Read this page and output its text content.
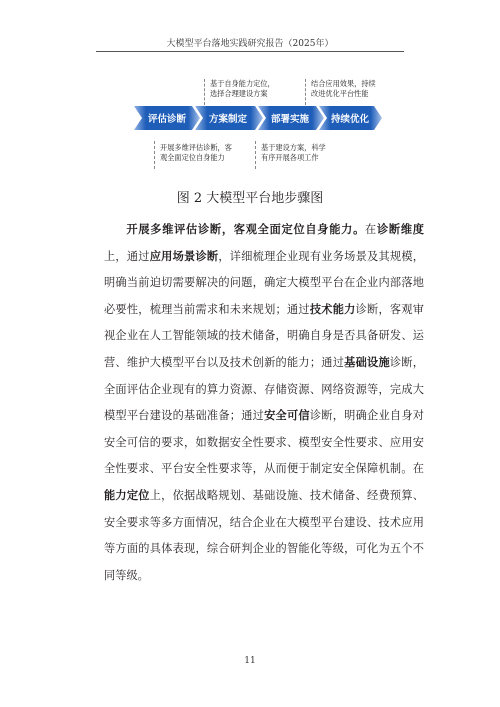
大模型平台落地实践研究报告（2025年）
基于自身能力定位，
选择合理建设方案
结合应用效果，持续
改进优化平台性能
评估诊断 方案制定	部署实施 持续优化
开展多维评估诊断，客
观全面定位自身能力
基于建设方案，科学
有序开展各项工作
图 2 大模型平台地步骤图

开展多维评估诊断，客观全面定位自身能力。在诊断维度上，通过应用场景诊断，详细梳理企业现有业务场景及其规模，明确当前迫切需要解决的问题，确定大模型平台在企业内部落地必要性，梳理当前需求和未来规划；通过技术能力诊断，客观审视企业在人工智能领域的技术储备，明确自身是否具备研发、运营、维护大模型平台以及技术创新的能力；通过基础设施诊断，全面评估企业现有的算力资源、存储资源、网络资源等，完成大模型平台建设的基础准备；通过安全可信诊断，明确企业自身对安全可信的要求，如数据安全性要求、模型安全性要求、应用安全性要求、平台安全性要求等，从而便于制定安全保障机制。在能力定位上，依据战略规划、基础设施、技术储备、经费预算、安全要求等多方面情况，结合企业在大模型平台建设、技术应用等方面的具体表现，综合研判企业的智能化等级，可化为五个不同等级。

11
